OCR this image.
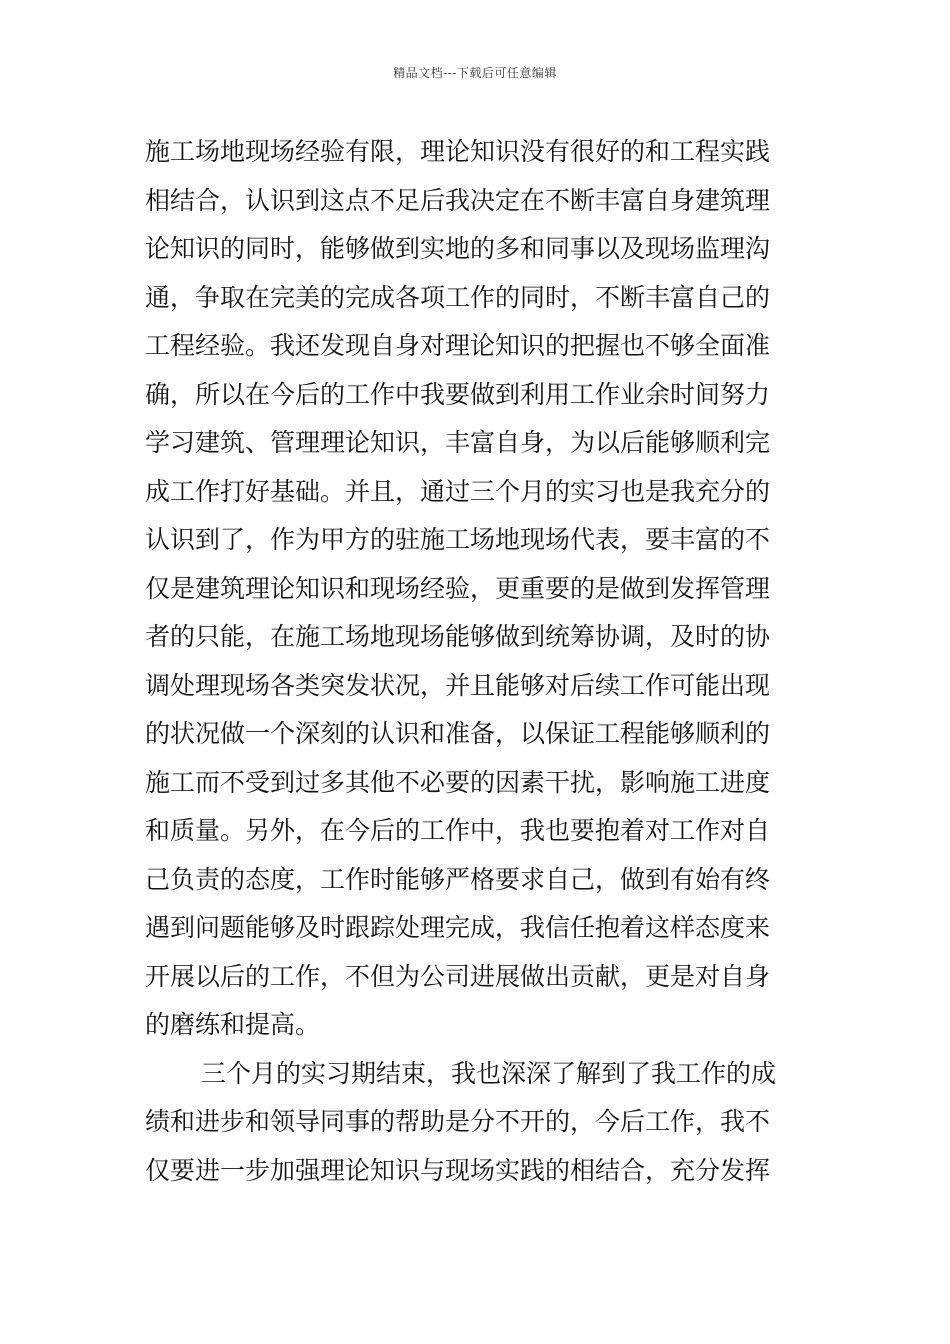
精品文档---下载后可任意编辑
施工场地现场经验有限，理论知识没有很好的和工程实践
相结合，认识到这点不足后我决定在不断丰富自身建筑理
论知识的同时，能够做到实地的多和同事以及现场监理沟
通，争取在完美的完成各项工作的同时，不断丰富自己的
工程经验。我还发现自身对理论知识的把握也不够全面准
确，所以在今后的工作中我要做到利用工作业余时间努力
学习建筑、管理理论知识，丰富自身，为以后能够顺利完
成工作打好基础。并且，通过三个月的实习也是我充分的
认识到了，作为甲方的驻施工场地现场代表，要丰富的不
仅是建筑理论知识和现场经验，更重要的是做到发挥管理
者的只能，在施工场地现场能够做到统筹协调，及时的协
调处理现场各类突发状况，并且能够对后续工作可能出现
的状况做一个深刻的认识和准备，以保证工程能够顺利的
施工而不受到过多其他不必要的因素干扰，影响施工进度
和质量。另外，在今后的工作中，我也要抱着对工作对自
己负责的态度，工作时能够严格要求自己，做到有始有终
遇到问题能够及时跟踪处理完成，我信任抱着这样态度来
开展以后的工作，不但为公司进展做出贡献，更是对自身
的磨练和提高。
三个月的实习期结束，我也深深了解到了我工作的成
绩和进步和领导同事的帮助是分不开的，今后工作，我不
仅要进一步加强理论知识与现场实践的相结合，充分发挥
